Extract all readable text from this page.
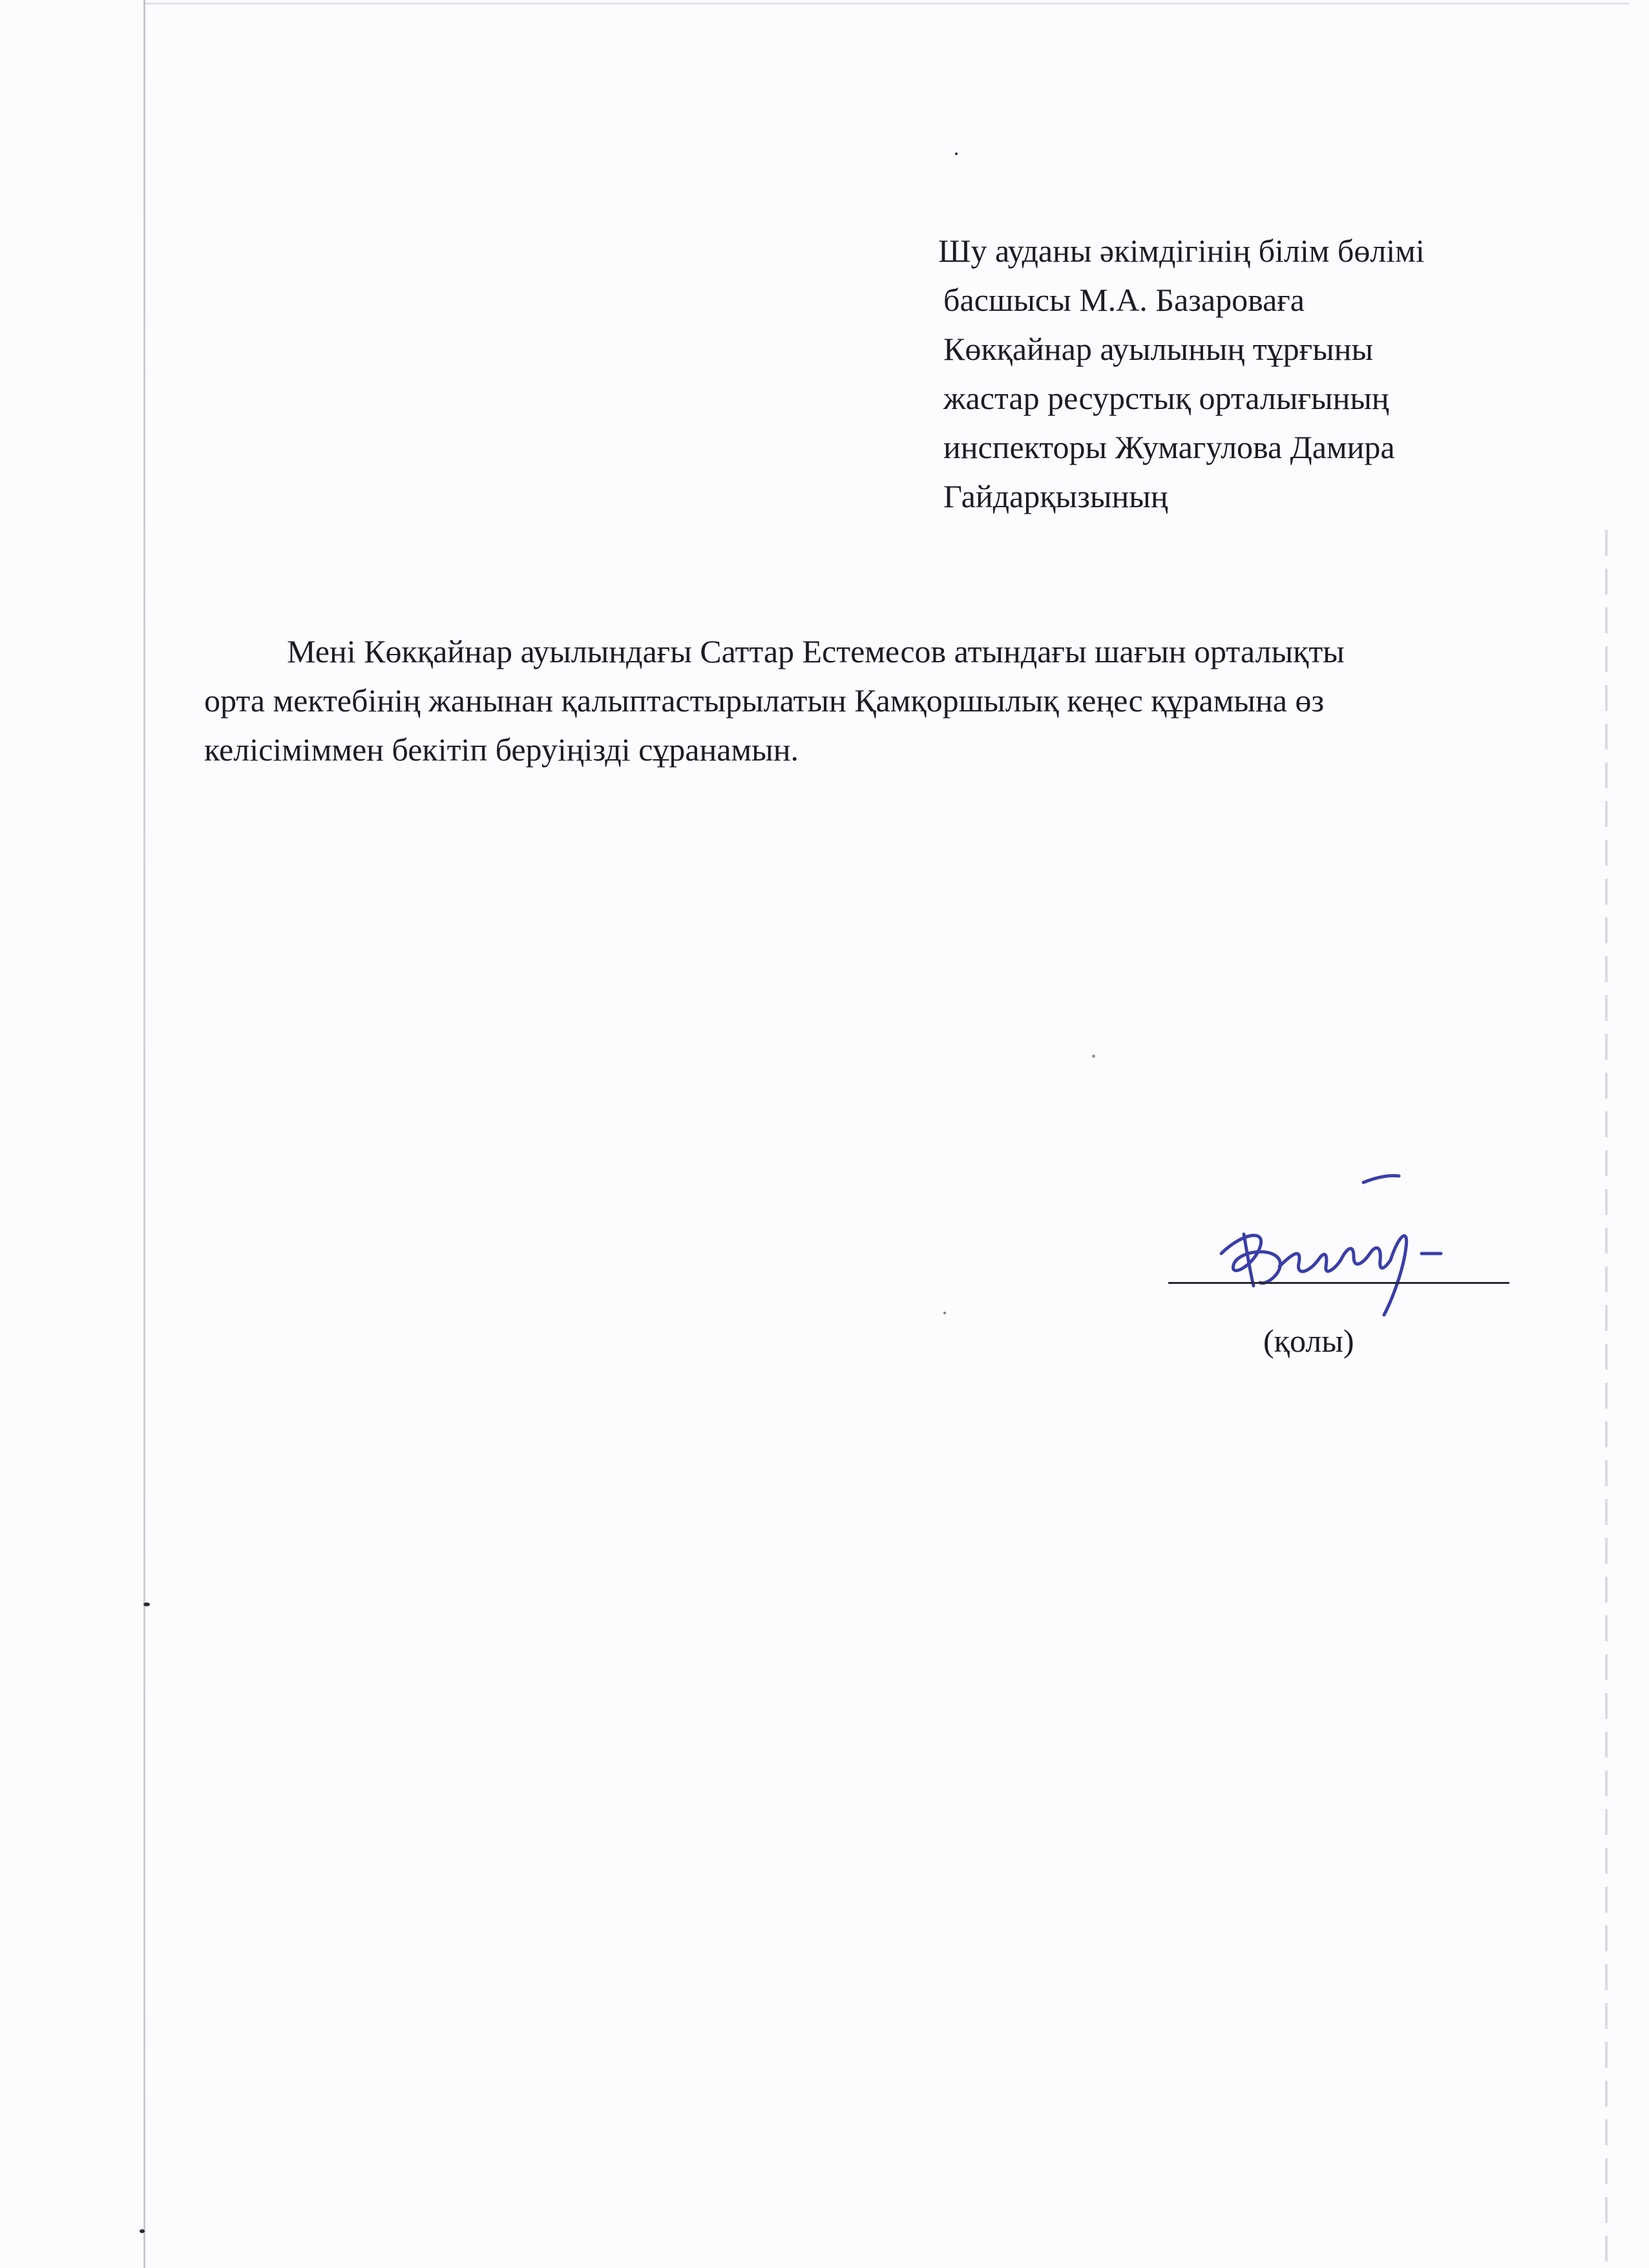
Шу ауданы әкімдігінің білім бөлімі
басшысы М.А. Базароваға
Көкқайнар ауылының тұрғыны
жастар ресурстық орталығының
инспекторы Жумагулова Дамира
Гайдарқызының
Мені Көкқайнар ауылындағы Саттар Естемесов атындағы шағын орталықты
орта мектебінің жанынан қалыптастырылатын Қамқоршылық кеңес құрамына өз
келісіміммен бекітіп беруіңізді сұранамын.
(қолы)
